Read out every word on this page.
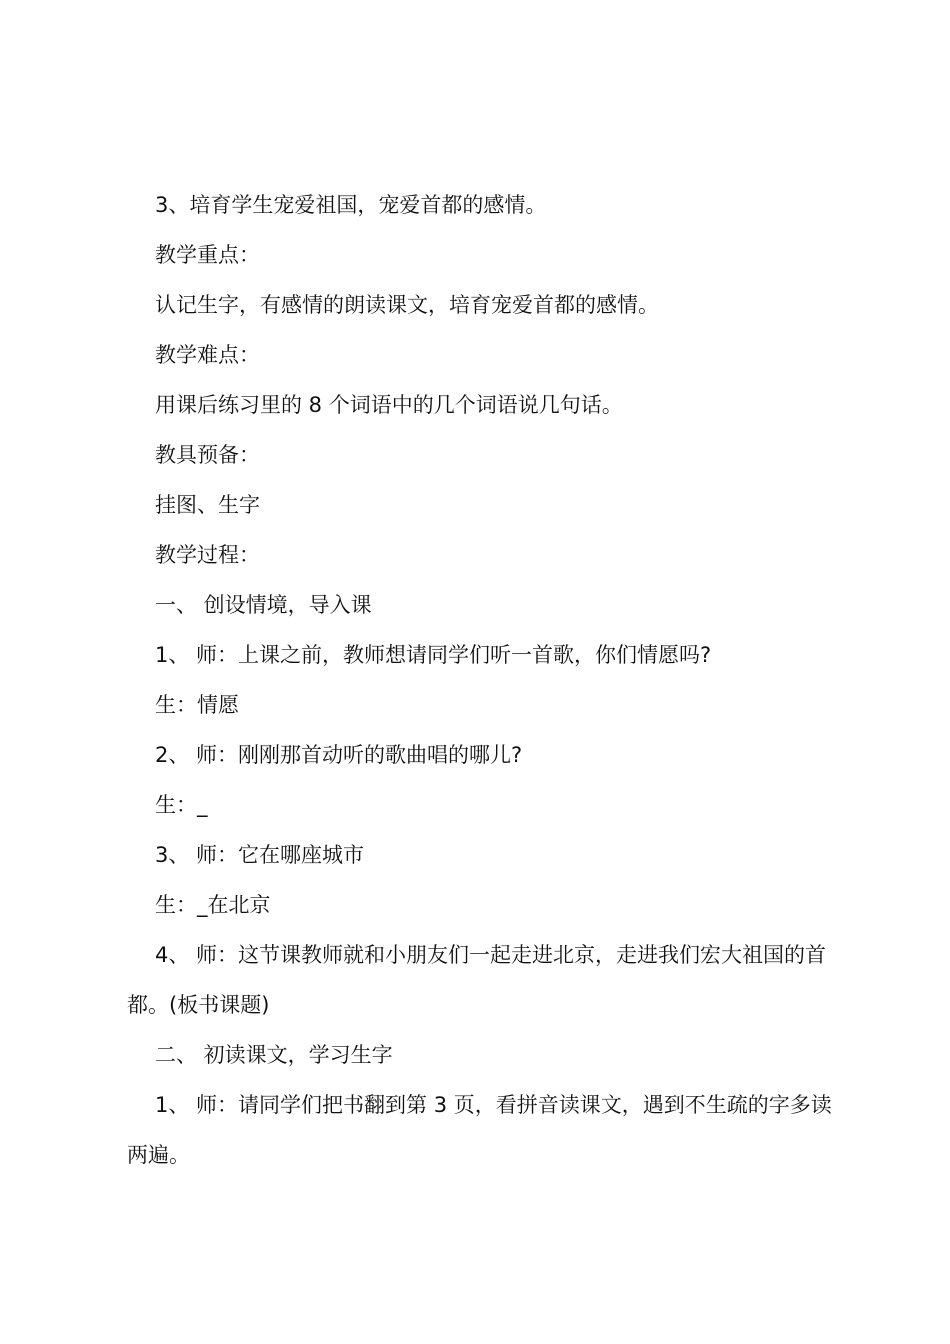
3、培育学生宠爱祖国，宠爱首都的感情。

教学重点：

认记生字，有感情的朗读课文，培育宠爱首都的感情。

教学难点：

用课后练习里的 8 个词语中的几个词语说几句话。

教具预备：

挂图、生字

教学过程：

一、 创设情境，导入课

1、 师：上课之前，教师想请同学们听一首歌，你们情愿吗?

生：情愿

2、 师：刚刚那首动听的歌曲唱的哪儿?

生：_

3、 师：它在哪座城市

生：_在北京

4、 师：这节课教师就和小朋友们一起走进北京，走进我们宏大祖国的首都。(板书课题)

二、 初读课文，学习生字

1、 师：请同学们把书翻到第 3 页，看拼音读课文，遇到不生疏的字多读两遍。
